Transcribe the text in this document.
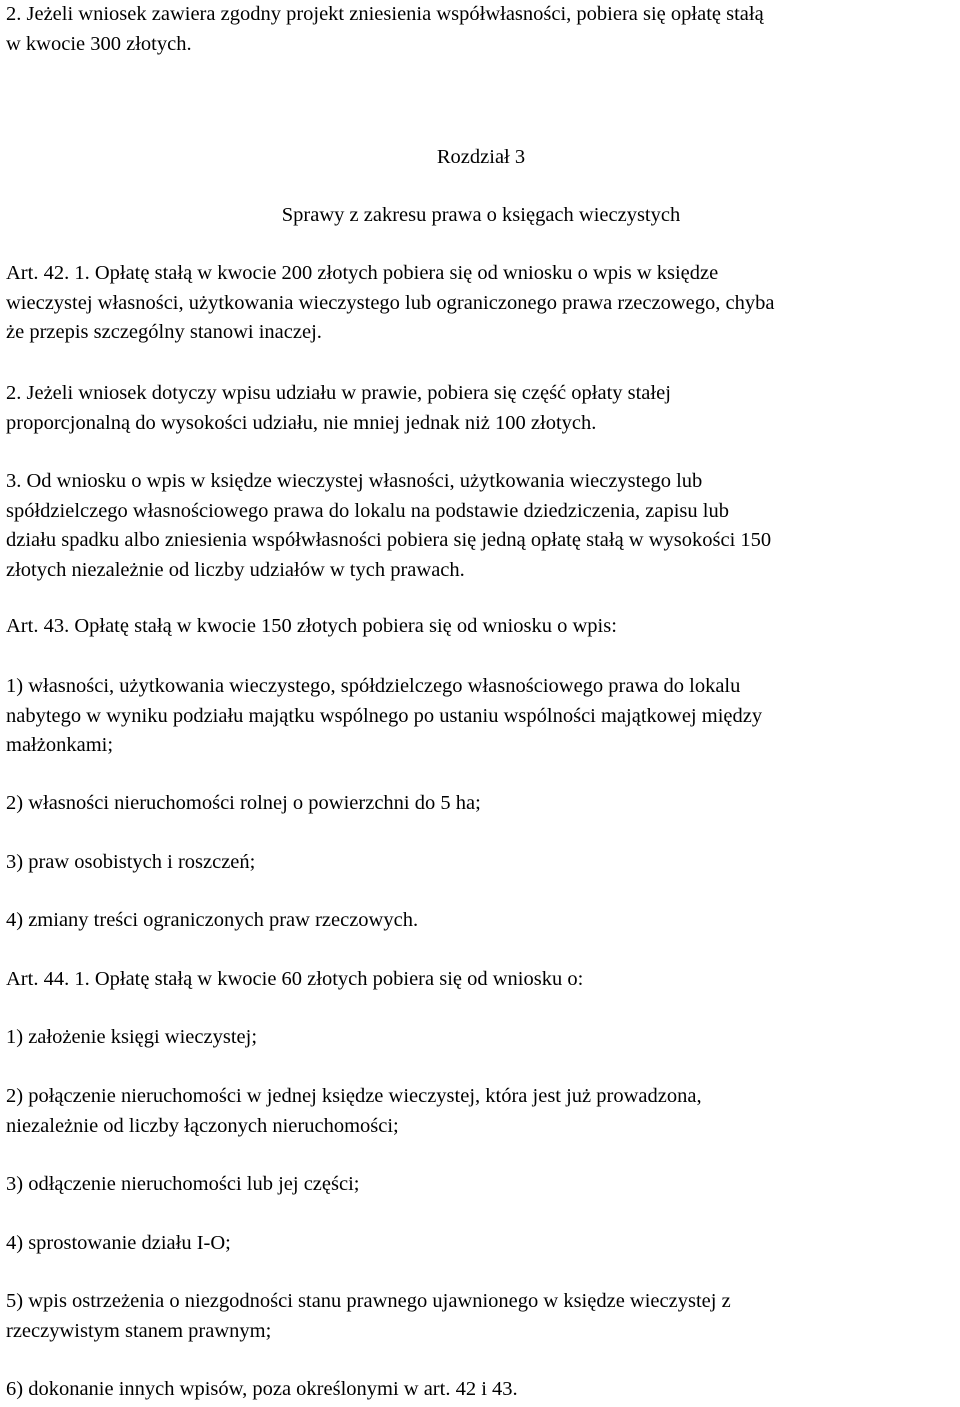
2. Jeżeli wniosek zawiera zgodny projekt zniesienia współwłasności, pobiera się opłatę stałą
w kwocie 300 złotych.

Rozdział 3

Sprawy z zakresu prawa o księgach wieczystych

Art. 42. 1. Opłatę stałą w kwocie 200 złotych pobiera się od wniosku o wpis w księdze
wieczystej własności, użytkowania wieczystego lub ograniczonego prawa rzeczowego, chyba
że przepis szczególny stanowi inaczej.

2. Jeżeli wniosek dotyczy wpisu udziału w prawie, pobiera się część opłaty stałej
proporcjonalną do wysokości udziału, nie mniej jednak niż 100 złotych.

3. Od wniosku o wpis w księdze wieczystej własności, użytkowania wieczystego lub
spółdzielczego własnościowego prawa do lokalu na podstawie dziedziczenia, zapisu lub
działu spadku albo zniesienia współwłasności pobiera się jedną opłatę stałą w wysokości 150
złotych niezależnie od liczby udziałów w tych prawach.

Art. 43. Opłatę stałą w kwocie 150 złotych pobiera się od wniosku o wpis:

1) własności, użytkowania wieczystego, spółdzielczego własnościowego prawa do lokalu
nabytego w wyniku podziału majątku wspólnego po ustaniu wspólności majątkowej między
małżonkami;

2) własności nieruchomości rolnej o powierzchni do 5 ha;

3) praw osobistych i roszczeń;

4) zmiany treści ograniczonych praw rzeczowych.

Art. 44. 1. Opłatę stałą w kwocie 60 złotych pobiera się od wniosku o:

1) założenie księgi wieczystej;

2) połączenie nieruchomości w jednej księdze wieczystej, która jest już prowadzona,
niezależnie od liczby łączonych nieruchomości;

3) odłączenie nieruchomości lub jej części;

4) sprostowanie działu I-O;

5) wpis ostrzeżenia o niezgodności stanu prawnego ujawnionego w księdze wieczystej z
rzeczywistym stanem prawnym;

6) dokonanie innych wpisów, poza określonymi w art. 42 i 43.
